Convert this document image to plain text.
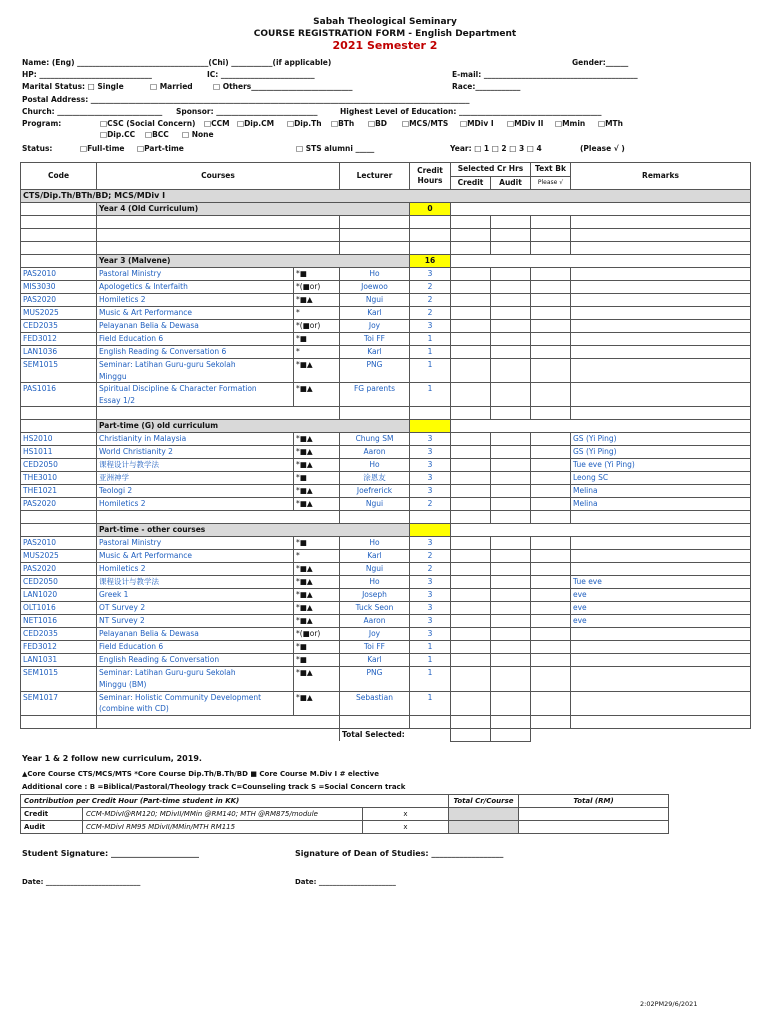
Sabah Theological Seminary
COURSE REGISTRATION FORM - English Department
2021 Semester 2
Name: (Eng) ___________________________________(Chi) ___________(if applicable)	Gender:______
HP: ______________________________	IC: _________________________	E-mail: _________________________________________
Marital Status: □ Single	□ Married	□ Others___________________________	Race:____________
Postal Address: _____________________________________________________________________________________________________
Church: ____________________________ Sponsor: ___________________________	Highest Level of Education: ______________________________________
Program:	□CSC (Social Concern) □CCM □Dip.CM □Dip.Th □BTh □BD □MCS/MTS □MDiv I □MDiv II □Mmin □MTh
□Dip.CC □BCC □ None
Status:	□Full-time □Part-time	□ STS alumni _____	Year: □ 1 □ 2 □ 3 □ 4	(Please √ )
Code	Courses		Lecturer	Credit Hours	Selected Cr Hrs		Text Bk	Remarks
					Credit	Audit	Please √	
CTS/Dip.Th/BTh/BD; MCS/MDiv I								
	Year 4 (Old Curriculum)			0				

	Year 3 (Malvene)			16				
PAS2010	Pastoral Ministry	*■	Ho	3				
MIS3030	Apologetics & Interfaith	*(■or)	Joewoo	2				
PAS2020	Homiletics 2	*■▲	Ngui	2				
MUS2025	Music & Art Performance	*	Karl	2				
CED2035	Pelayanan Belia & Dewasa	*(■or)	Joy	3				
FED3012	Field Education 6	*■	Toi FF	1				
LAN1036	English Reading & Conversation 6	*	Karl	1				
SEM1015	Seminar: Latihan Guru-guru Sekolah
Minggu	*■▲	PNG	1				
PAS1016	Spiritual Discipline & Character Formation
Essay 1/2	*■▲	FG parents	1				

	Part-time (G) old curriculum							
HS2010	Christianity in Malaysia	*■▲	Chung SM	3				GS (Yi Ping)
HS1011	World Christianity 2	*■▲	Aaron	3				GS (Yi Ping)
CED2050	课程设计与教学法	*■▲	Ho	3				Tue eve (Yi Ping)
THE3010	亚洲神学	*■	涂恩友	3				Leong SC
THE1021	Teologi 2	*■▲	Joefrerick	3				Melina
PAS2020	Homiletics 2	*■▲	Ngui	2				Melina

	Part-time - other courses							
PAS2010	Pastoral Ministry	*■	Ho	3				
MUS2025	Music & Art Performance	*	Karl	2				
PAS2020	Homiletics 2	*■▲	Ngui	2				
CED2050	课程设计与教学法	*■▲	Ho	3				Tue eve
LAN1020	Greek 1	*■▲	Joseph	3				eve
OLT1016	OT Survey 2	*■▲	Tuck Seon	3				eve
NET1016	NT Survey 2	*■▲	Aaron	3				eve
CED2035	Pelayanan Belia & Dewasa	*(■or)	Joy	3				
FED3012	Field Education 6	*■	Toi FF	1				
LAN1031	English Reading & Conversation	*■	Karl	1				
SEM1015	Seminar: Latihan Guru-guru Sekolah
Minggu (BM)	*■▲	PNG	1				
SEM1017	Seminar: Holistic Community Development
(combine with CD)	*■▲	Sebastian	1				

			Total Selected:					
Year 1 & 2 follow new curriculum, 2019.
▲Core Course CTS/MCS/MTS *Core Course Dip.Th/B.Th/BD ■ Core Course M.Div I # elective
Additional core : B =Biblical/Pastoral/Theology track C=Counseling track S =Social Concern track
Contribution per Credit Hour (Part-time student in KK)			Total Cr/Course	Total (RM)
Credit	CCM-MDivI@RM120; MDivII/MMin @RM140; MTH @RM875/module	x		
Audit	CCM-MDivI RM95 MDivII/MMin/MTH RM115	x		
Student Signature: ______________________	Signature of Dean of Studies: __________________
Date: ___________________________	Date: ______________________
2:02PM29/6/2021
